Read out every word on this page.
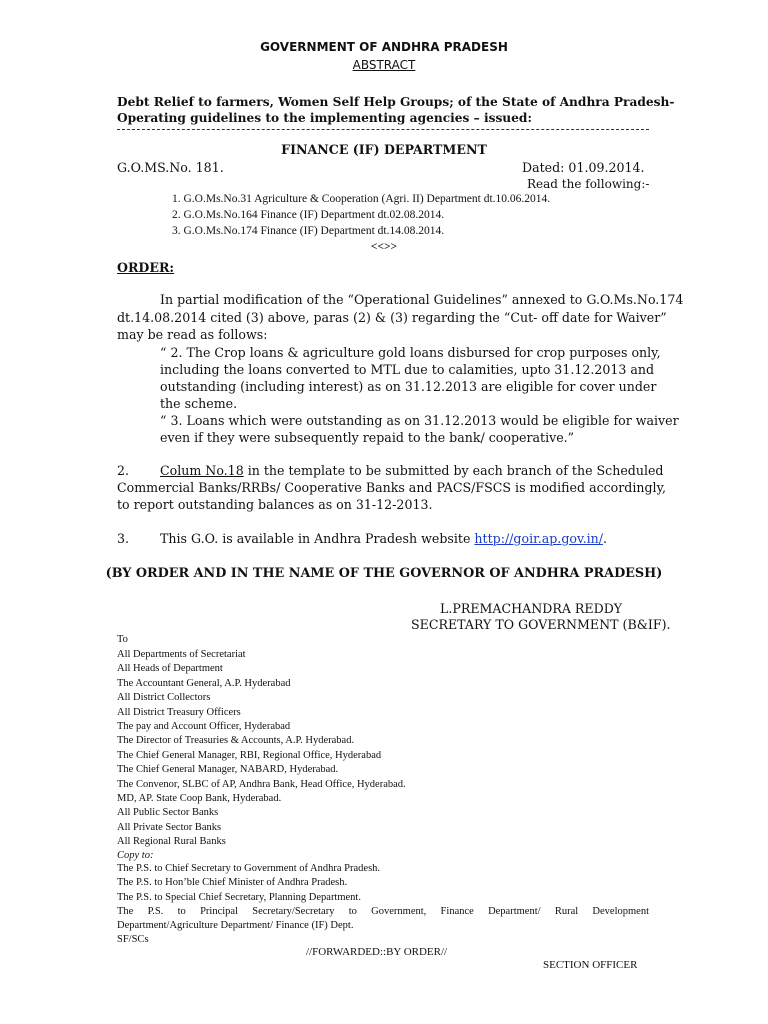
GOVERNMENT OF ANDHRA PRADESH
ABSTRACT
Debt Relief to farmers, Women Self Help Groups; of the State of Andhra Pradesh-
Operating guidelines to the implementing agencies – issued:
FINANCE (IF) DEPARTMENT
G.O.MS.No. 181.	Dated: 01.09.2014.
Read the following:-
1. G.O.Ms.No.31 Agriculture & Cooperation (Agri. II) Department dt.10.06.2014.
2. G.O.Ms.No.164 Finance (IF) Department dt.02.08.2014.
3. G.O.Ms.No.174 Finance (IF) Department dt.14.08.2014.
<<>>
ORDER:
In partial modification of the “Operational Guidelines” annexed to G.O.Ms.No.174
dt.14.08.2014 cited (3) above, paras (2) & (3) regarding the “Cut- off date for Waiver”
may be read as follows:
“ 2. The Crop loans & agriculture gold loans disbursed for crop purposes only,
including the loans converted to MTL due to calamities, upto 31.12.2013 and
outstanding (including interest) as on 31.12.2013 are eligible for cover under
the scheme.
“ 3. Loans which were outstanding as on 31.12.2013 would be eligible for waiver
even if they were subsequently repaid to the bank/ cooperative.”
2. Colum No.18 in the template to be submitted by each branch of the Scheduled
Commercial Banks/RRBs/ Cooperative Banks and PACS/FSCS is modified accordingly,
to report outstanding balances as on 31-12-2013.
3. This G.O. is available in Andhra Pradesh website http://goir.ap.gov.in/.
(BY ORDER AND IN THE NAME OF THE GOVERNOR OF ANDHRA PRADESH)
L.PREMACHANDRA REDDY
SECRETARY TO GOVERNMENT (B&IF).
To
All Departments of Secretariat
All Heads of Department
The Accountant General, A.P. Hyderabad
All District Collectors
All District Treasury Officers
The pay and Account Officer, Hyderabad
The Director of Treasuries & Accounts, A.P. Hyderabad.
The Chief General Manager, RBI, Regional Office, Hyderabad
The Chief General Manager, NABARD, Hyderabad.
The Convenor, SLBC of AP, Andhra Bank, Head Office, Hyderabad.
MD, AP. State Coop Bank, Hyderabad.
All Public Sector Banks
All Private Sector Banks
All Regional Rural Banks
Copy to:
The P.S. to Chief Secretary to Government of Andhra Pradesh.
The P.S. to Hon’ble Chief Minister of Andhra Pradesh.
The P.S. to Special Chief Secretary, Planning Department.
The P.S. to Principal Secretary/Secretary to Government, Finance Department/ Rural Development
Department/Agriculture Department/ Finance (IF) Dept.
SF/SCs
//FORWARDED::BY ORDER//
SECTION OFFICER
